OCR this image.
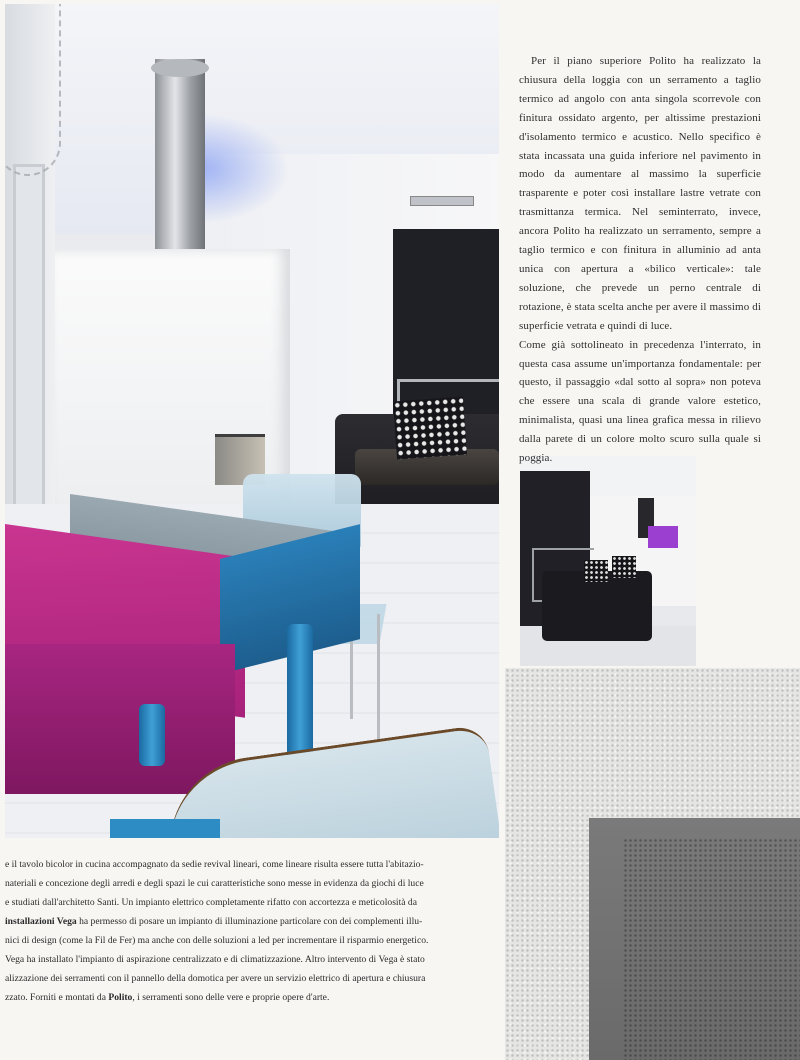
Per il piano superiore Polito ha realizzato la chiusura della loggia con un serramento a taglio termico ad angolo con anta singola scorrevole con finitura ossidato argento, per altissime prestazioni d'isolamento termico e acustico. Nello specifico è stata incassata una guida inferiore nel pavimento in modo da aumentare al massimo la superficie trasparente e poter così installare lastre vetrate con trasmittanza termica. Nel seminterrato, invece, ancora Polito ha realizzato un serramento, sempre a taglio termico e con finitura in alluminio ad anta unica con apertura a «bilico verticale»: tale soluzione, che prevede un perno centrale di rotazione, è stata scelta anche per avere il massimo di superficie vetrata e quindi di luce.

Come già sottolineato in precedenza l'interrato, in questa casa assume un'importanza fondamentale: per questo, il passaggio «dal sotto al sopra» non poteva che essere una scala di grande valore estetico, minimalista, quasi una linea grafica messa in rilievo dalla parete di un colore molto scuro sulla quale si poggia.

e il tavolo bicolor in cucina accompagnato da sedie revival lineari, come lineare risulta essere tutta l'abitazio-
nateriali e concezione degli arredi e degli spazi le cui caratteristiche sono messe in evidenza da giochi di luce
e studiati dall'architetto Santi. Un impianto elettrico completamente rifatto con accortezza e meticolosità da
installazioni Vega ha permesso di posare un impianto di illuminazione particolare con dei complementi illu-
nici di design (come la Fil de Fer) ma anche con delle soluzioni a led per incrementare il risparmio energetico.
Vega ha installato l'impianto di aspirazione centralizzato e di climatizzazione. Altro intervento di Vega è stato
alizzazione dei serramenti con il pannello della domotica per avere un servizio elettrico di apertura e chiusura
zzato. Forniti e montati da Polito, i serramenti sono delle vere e proprie opere d'arte.
